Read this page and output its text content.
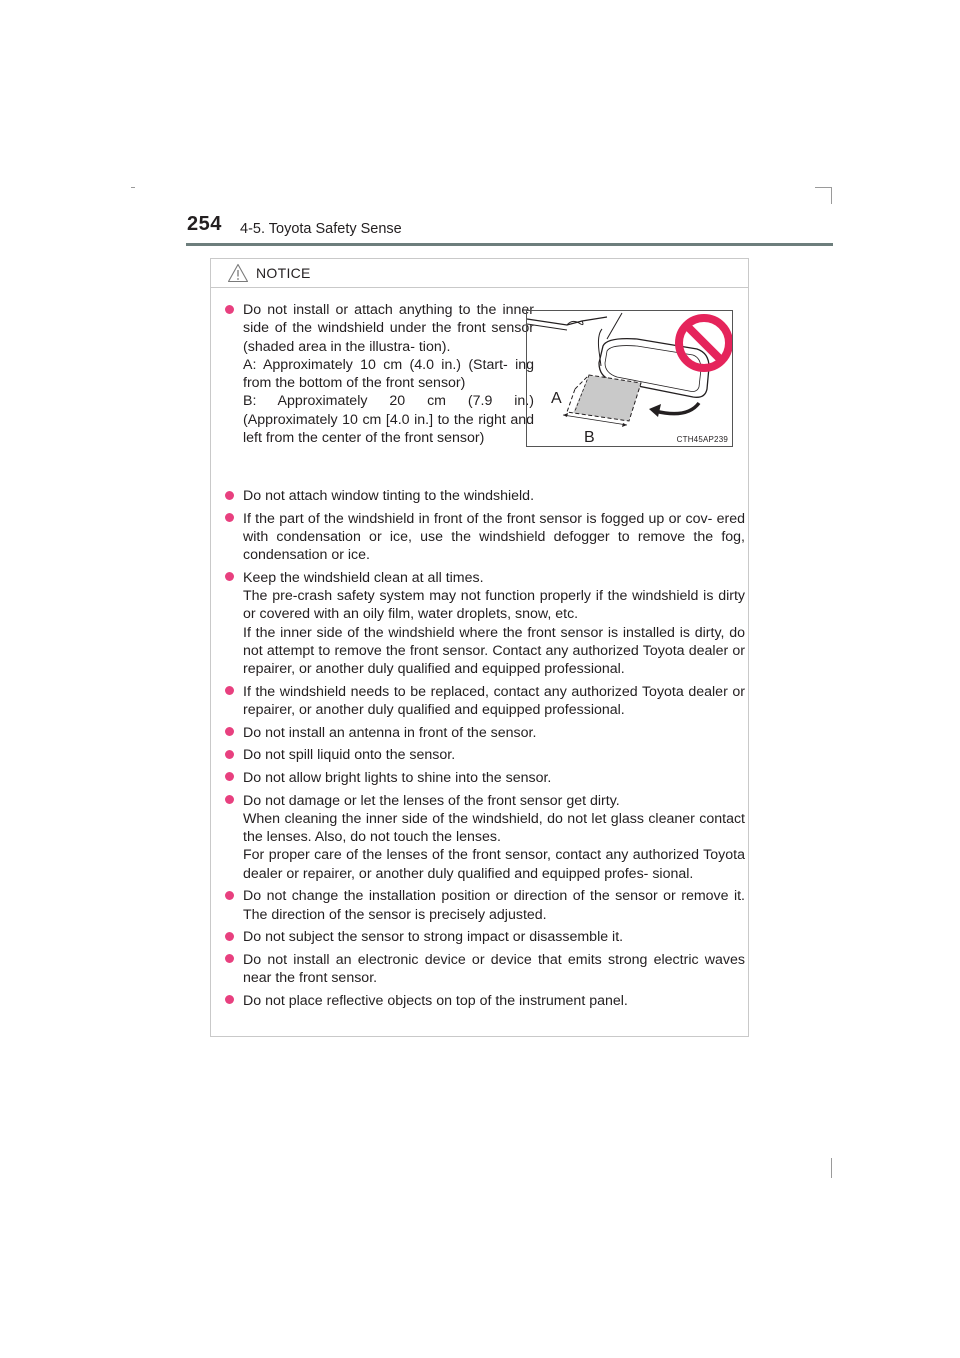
254 4-5. Toyota Safety Sense
NOTICE

Do not install or attach anything to the inner side of the windshield under the front sensor (shaded area in the illustra- tion).

A: Approximately 10 cm (4.0 in.) (Start- ing from the bottom of the front sensor)

B: Approximately 20 cm (7.9 in.) (Approximately 10 cm [4.0 in.] to the right and left from the center of the front sensor)

A
B	CTH45AP239

Do not attach window tinting to the windshield.

If the part of the windshield in front of the front sensor is fogged up or cov- ered with condensation or ice, use the windshield defogger to remove the fog, condensation or ice.

Keep the windshield clean at all times.

The pre-crash safety system may not function properly if the windshield is dirty or covered with an oily film, water droplets, snow, etc.

If the inner side of the windshield where the front sensor is installed is dirty, do not attempt to remove the front sensor. Contact any authorized Toyota dealer or repairer, or another duly qualified and equipped professional.

If the windshield needs to be replaced, contact any authorized Toyota dealer or repairer, or another duly qualified and equipped professional.

Do not install an antenna in front of the sensor.

Do not spill liquid onto the sensor.

Do not allow bright lights to shine into the sensor.

Do not damage or let the lenses of the front sensor get dirty.

When cleaning the inner side of the windshield, do not let glass cleaner contact the lenses. Also, do not touch the lenses.

For proper care of the lenses of the front sensor, contact any authorized Toyota dealer or repairer, or another duly qualified and equipped profes- sional.

Do not change the installation position or direction of the sensor or remove it. The direction of the sensor is precisely adjusted.

Do not subject the sensor to strong impact or disassemble it.

Do not install an electronic device or device that emits strong electric waves near the front sensor.

Do not place reflective objects on top of the instrument panel.
